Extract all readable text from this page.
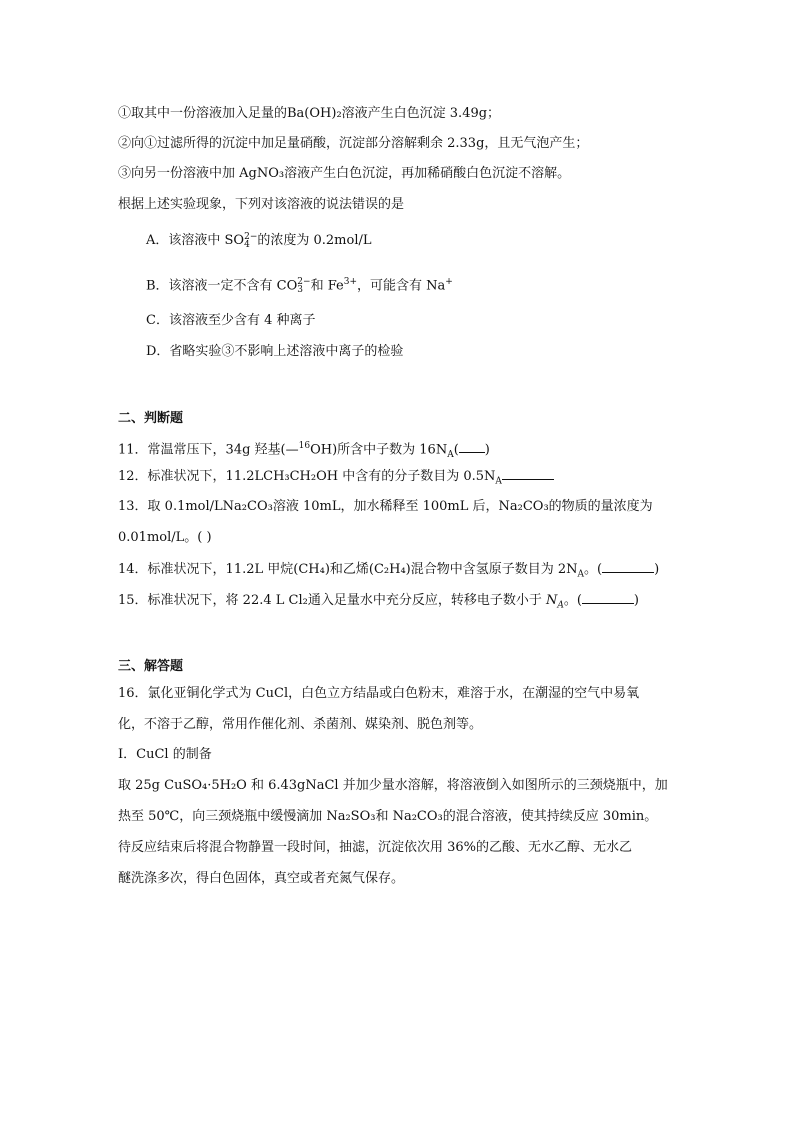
①取其中一份溶液加入足量的Ba(OH)₂溶液产生白色沉淀 3.49g；
②向①过滤所得的沉淀中加足量硝酸，沉淀部分溶解剩余 2.33g，且无气泡产生；
③向另一份溶液中加 AgNO₃溶液产生白色沉淀，再加稀硝酸白色沉淀不溶解。
根据上述实验现象，下列对该溶液的说法错误的是
A．该溶液中 SO 2−
4 的浓度为 0.2mol/L
B．该溶液一定不含有 CO 2−
3 和 $Fe^{3+}$，可能含有 Na+
C．该溶液至少含有 4 种离子
D．省略实验③不影响上述溶液中离子的检验
二、判断题
11．常温常压下，34g 羟基(—$^{16}$OH)所含中子数为 $16N_A$( )
12．标准状况下，11.2LCH₃CH₂OH 中含有的分子数目为 $0.5N_A$
13．取 0.1mol/LNa₂CO₃溶液 10mL，加水稀释至 100mL 后，Na₂CO₃的物质的量浓度为
0.01mol/L。( )
14．标准状况下，11.2L 甲烷(CH₄)和乙烯(C₂H₄)混合物中含氢原子数目为 $2N_A$。(	)
15．标准状况下，将 22.4 L Cl₂通入足量水中充分反应，转移电子数小于 $N_A$。(	)
三、解答题
16．氯化亚铜化学式为 CuCl，白色立方结晶或白色粉末，难溶于水，在潮湿的空气中易氧
化，不溶于乙醇，常用作催化剂、杀菌剂、媒染剂、脱色剂等。
I．CuCl 的制备
取 25g CuSO₄·5H₂O 和 6.43gNaCl 并加少量水溶解，将溶液倒入如图所示的三颈烧瓶中，加
热至 50℃，向三颈烧瓶中缓慢滴加 Na₂SO₃和 Na₂CO₃的混合溶液，使其持续反应 30min。
待反应结束后将混合物静置一段时间，抽滤，沉淀依次用 36%的乙酸、无水乙醇、无水乙
醚洗涤多次，得白色固体，真空或者充氮气保存。
